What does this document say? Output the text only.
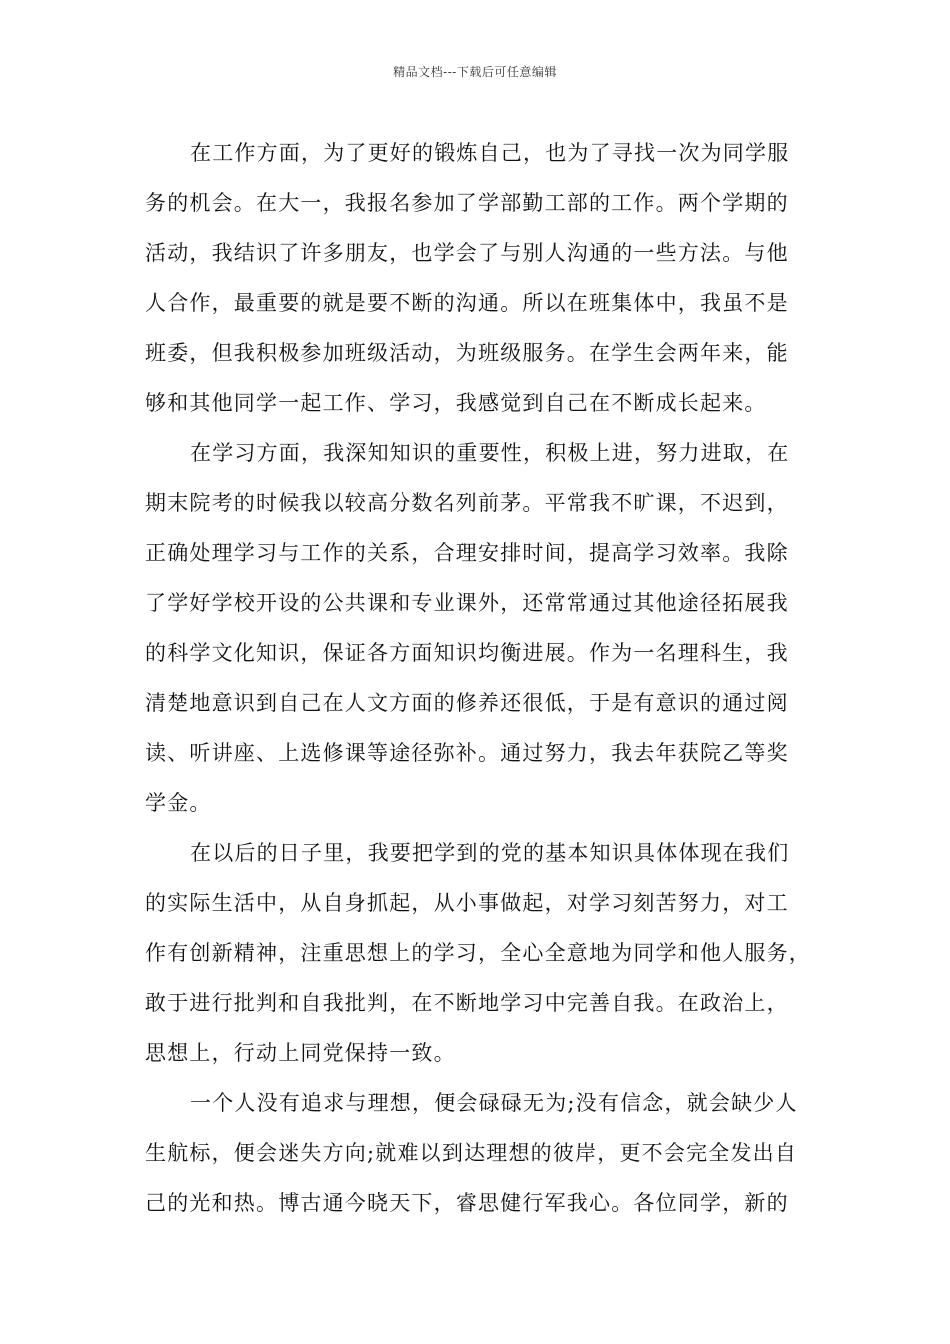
精品文档---下载后可任意编辑
在工作方面，为了更好的锻炼自己，也为了寻找一次为同学服
务的机会。在大一，我报名参加了学部勤工部的工作。两个学期的
活动，我结识了许多朋友，也学会了与别人沟通的一些方法。与他
人合作，最重要的就是要不断的沟通。所以在班集体中，我虽不是
班委，但我积极参加班级活动，为班级服务。在学生会两年来，能
够和其他同学一起工作、学习，我感觉到自己在不断成长起来。
在学习方面，我深知知识的重要性，积极上进，努力进取，在
期末院考的时候我以较高分数名列前茅。平常我不旷课，不迟到，
正确处理学习与工作的关系，合理安排时间，提高学习效率。我除
了学好学校开设的公共课和专业课外，还常常通过其他途径拓展我
的科学文化知识，保证各方面知识均衡进展。作为一名理科生，我
清楚地意识到自己在人文方面的修养还很低，于是有意识的通过阅
读、听讲座、上选修课等途径弥补。通过努力，我去年获院乙等奖
学金。
在以后的日子里，我要把学到的党的基本知识具体体现在我们
的实际生活中，从自身抓起，从小事做起，对学习刻苦努力，对工
作有创新精神，注重思想上的学习，全心全意地为同学和他人服务，
敢于进行批判和自我批判，在不断地学习中完善自我。在政治上，
思想上，行动上同党保持一致。
一个人没有追求与理想，便会碌碌无为;没有信念，就会缺少人
生航标，便会迷失方向;就难以到达理想的彼岸，更不会完全发出自
己的光和热。博古通今晓天下，睿思健行军我心。各位同学，新的
